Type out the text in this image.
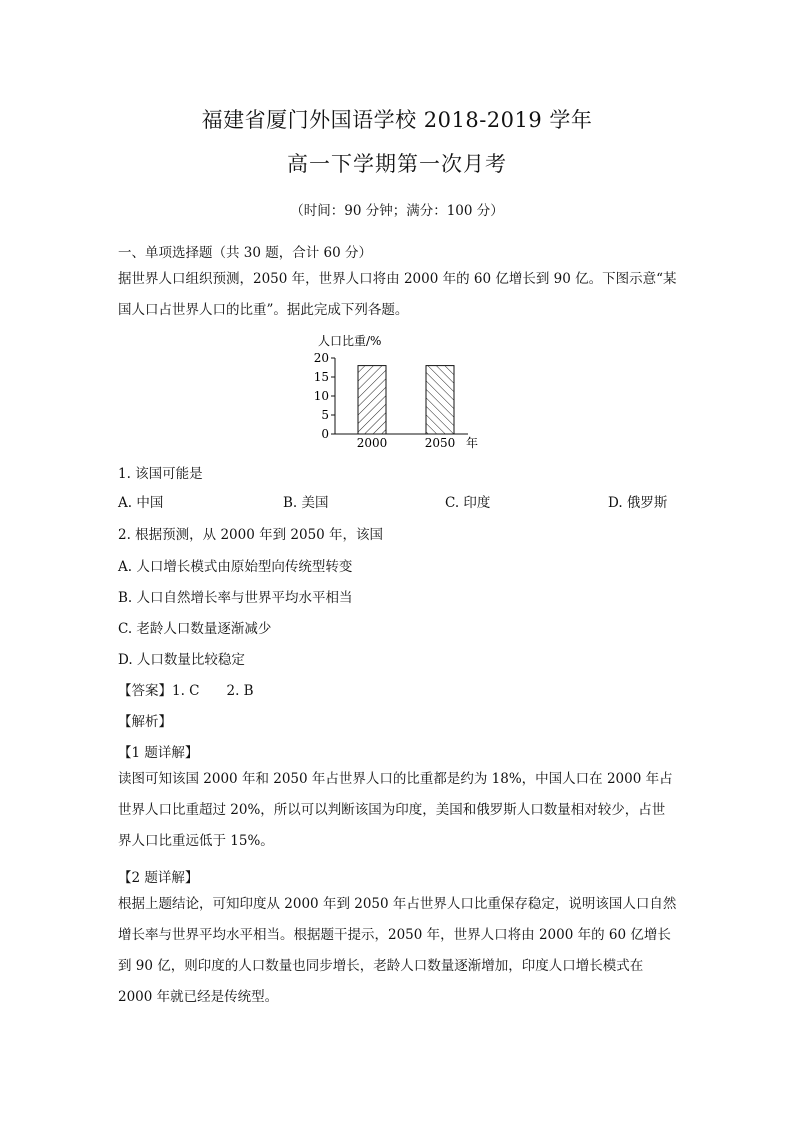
福建省厦门外国语学校 2018-2019 学年
高一下学期第一次月考
（时间：90 分钟；满分：100 分）
一、单项选择题（共 30 题，合计 60 分）
据世界人口组织预测，2050 年，世界人口将由 2000 年的 60 亿增长到 90 亿。下图示意“某国人口占世界人口的比重”。据此完成下列各题。
人口比重/%
年
0
5
10
15
20
2000	2050
1. 该国可能是
A. 中国	B. 美国	C. 印度	D. 俄罗斯
2. 根据预测，从 2000 年到 2050 年，该国
A. 人口增长模式由原始型向传统型转变
B. 人口自然增长率与世界平均水平相当
C. 老龄人口数量逐渐减少
D. 人口数量比较稳定
【答案】1. C　　2. B
【解析】
【1 题详解】
读图可知该国 2000 年和 2050 年占世界人口的比重都是约为 18%，中国人口在 2000 年占世界人口比重超过 20%，所以可以判断该国为印度，美国和俄罗斯人口数量相对较少，占世界人口比重远低于 15%。
【2 题详解】
根据上题结论，可知印度从 2000 年到 2050 年占世界人口比重保存稳定，说明该国人口自然增长率与世界平均水平相当。根据题干提示，2050 年，世界人口将由 2000 年的 60 亿增长到 90 亿，则印度的人口数量也同步增长，老龄人口数量逐渐增加，印度人口增长模式在 2000 年就已经是传统型。
